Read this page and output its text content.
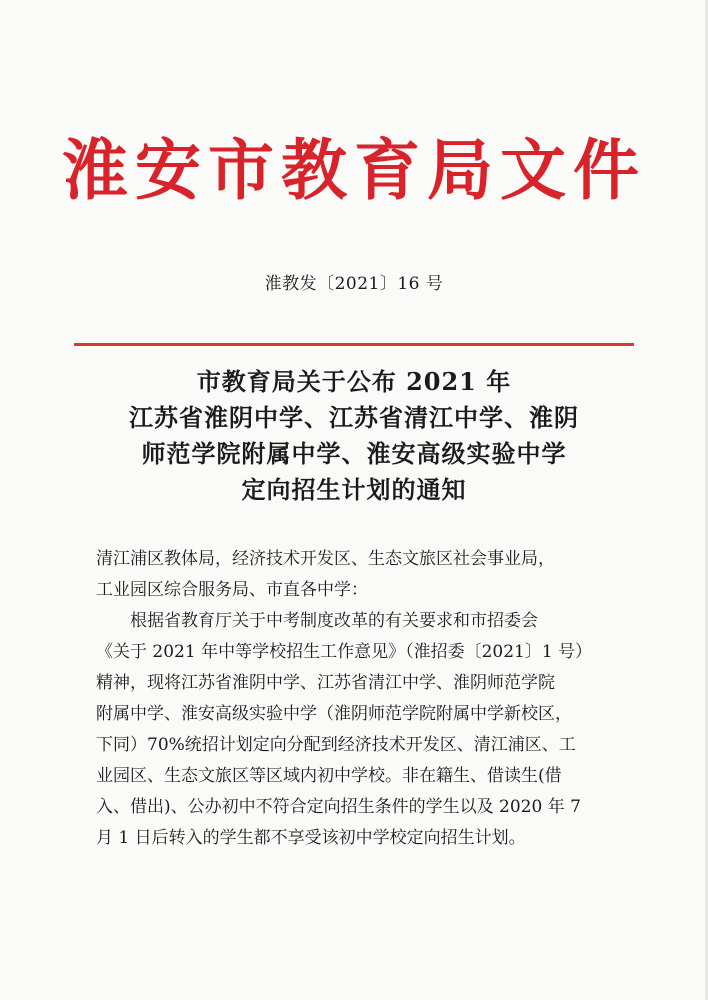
淮安市教育局文件
淮教发〔2021〕16 号
市教育局关于公布 2021 年
江苏省淮阴中学、江苏省清江中学、淮阴
师范学院附属中学、淮安高级实验中学
定向招生计划的通知
清江浦区教体局，经济技术开发区、生态文旅区社会事业局，
工业园区综合服务局、市直各中学：
根据省教育厅关于中考制度改革的有关要求和市招委会
《关于 2021 年中等学校招生工作意见》（淮招委〔2021〕1 号）
精神，现将江苏省淮阴中学、江苏省清江中学、淮阴师范学院
附属中学、淮安高级实验中学（淮阴师范学院附属中学新校区，
下同）70%统招计划定向分配到经济技术开发区、清江浦区、工
业园区、生态文旅区等区域内初中学校。非在籍生、借读生(借
入、借出)、公办初中不符合定向招生条件的学生以及 2020 年 7
月 1 日后转入的学生都不享受该初中学校定向招生计划。
